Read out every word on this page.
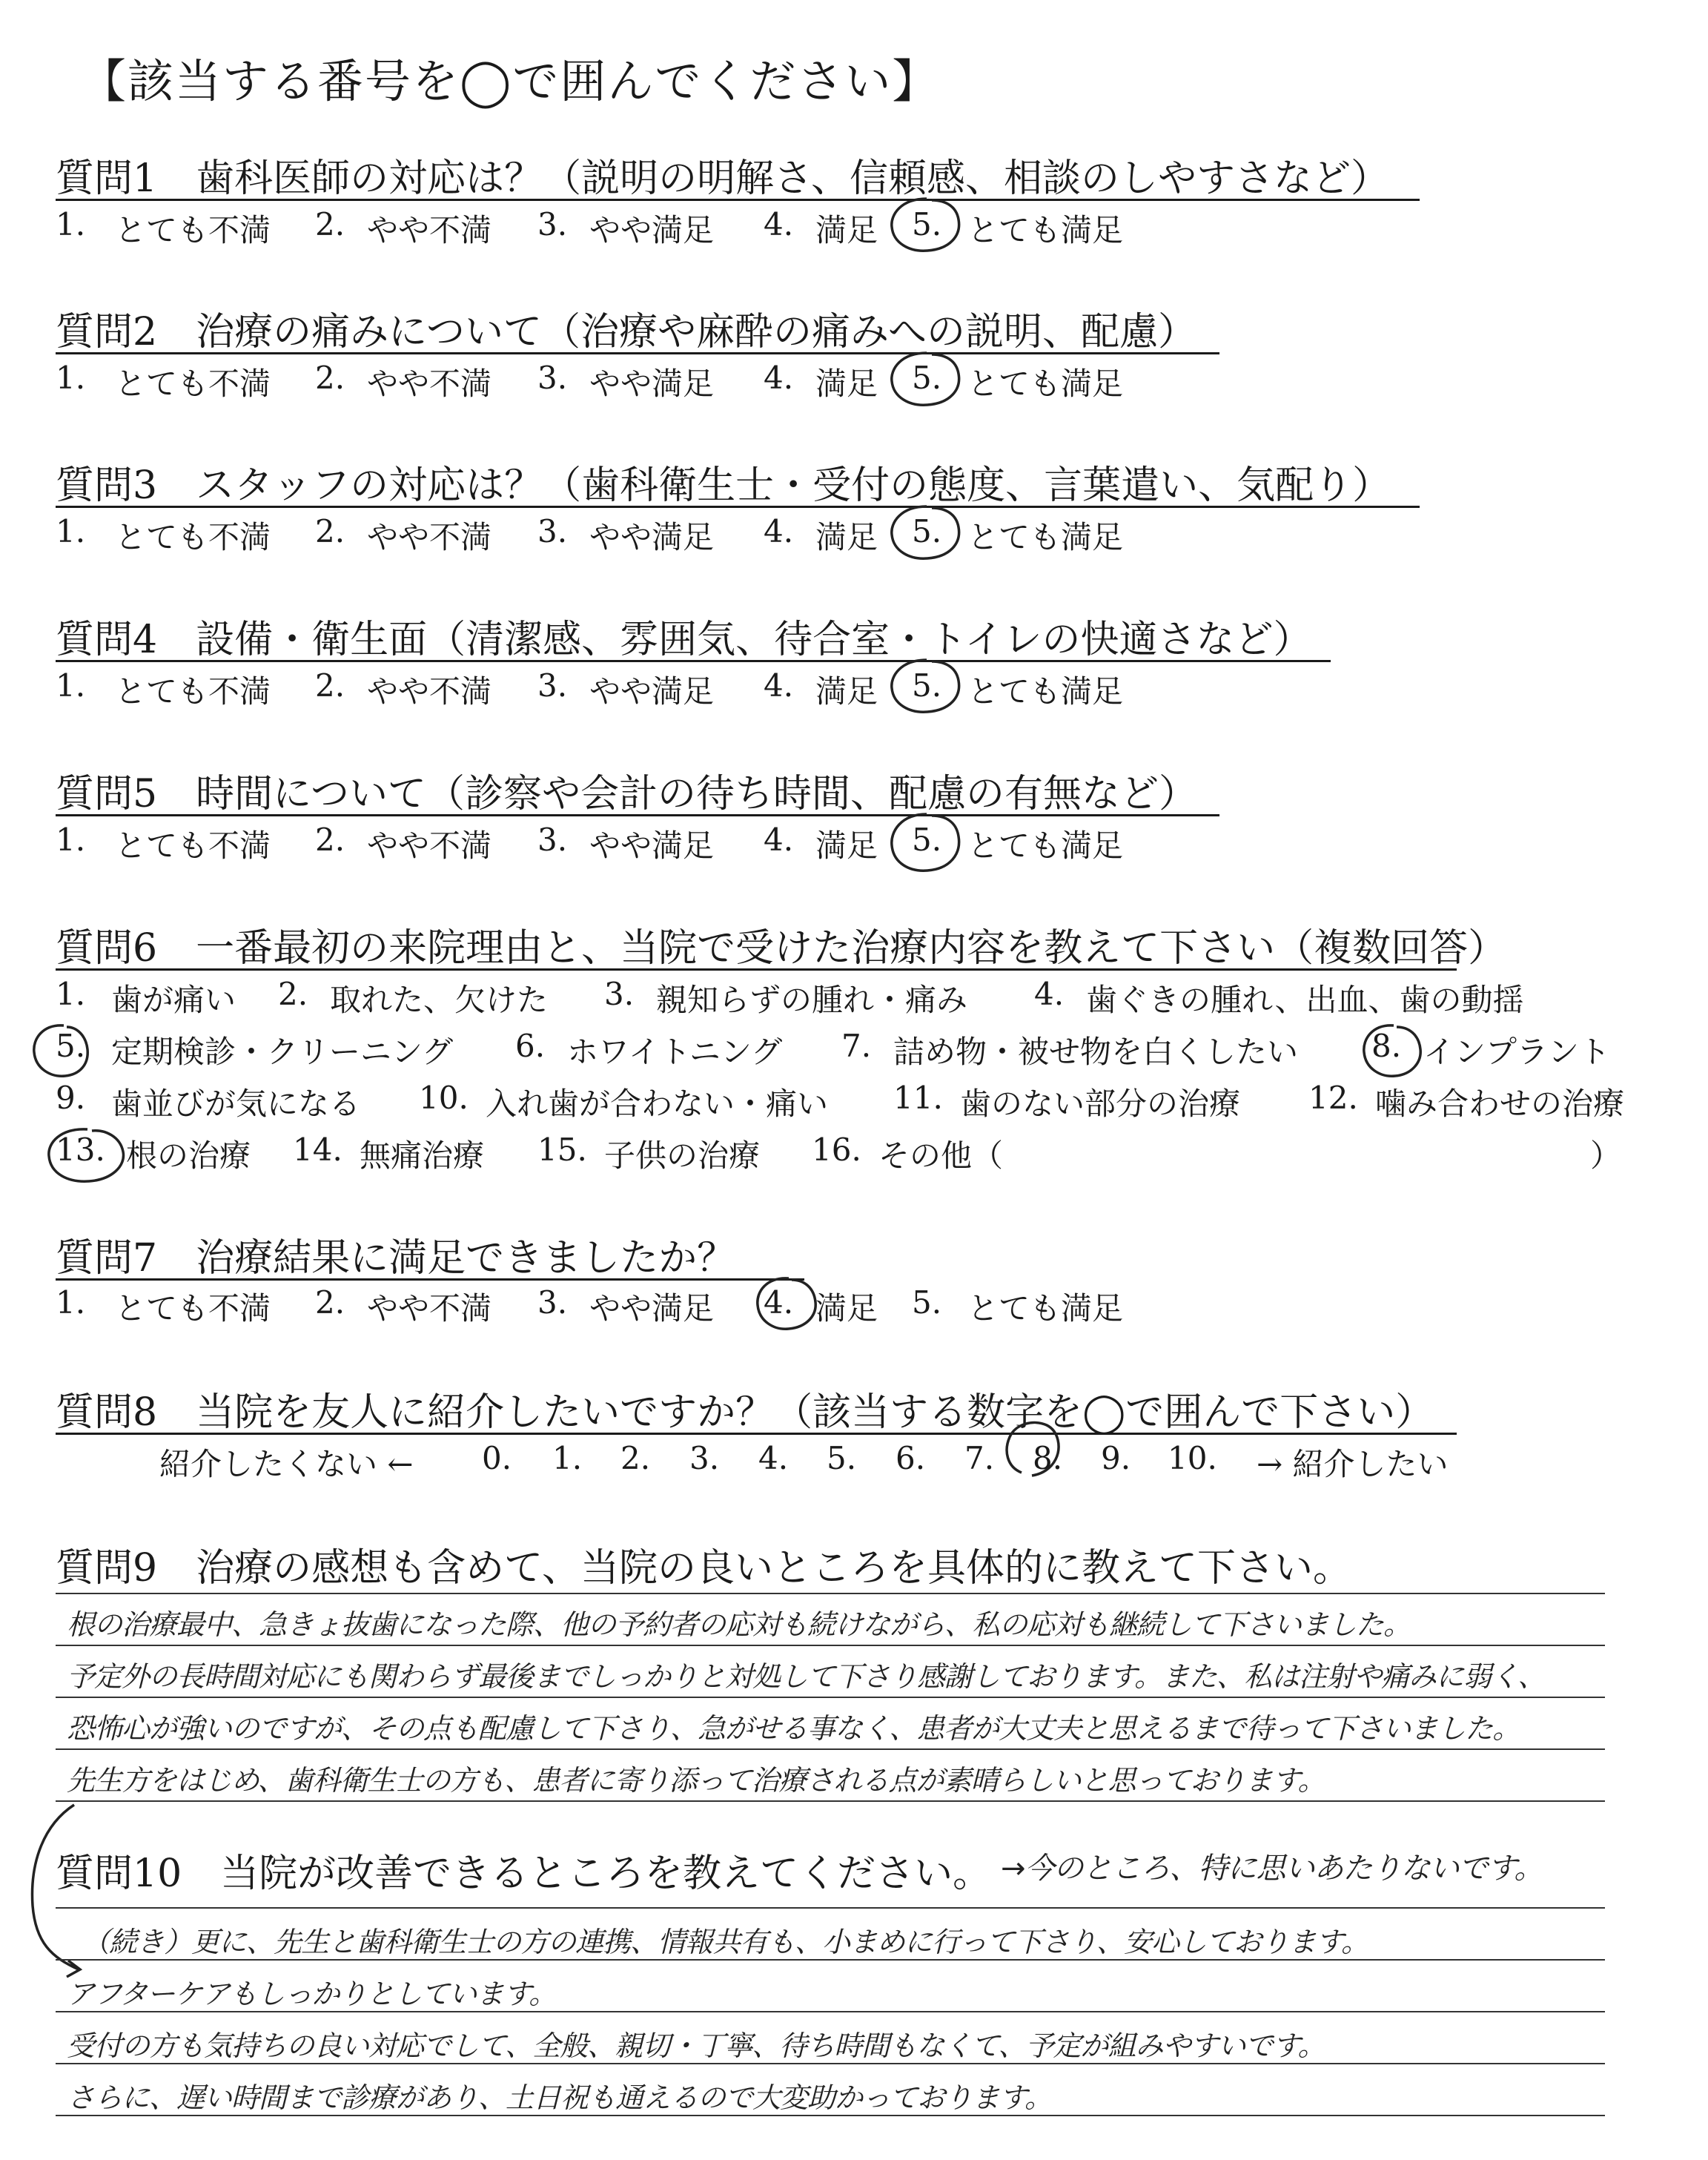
【該当する番号を◯で囲んでください】
質問1　歯科医師の対応は？（説明の明解さ、信頼感、相談のしやすさなど）
1. とても不満 2. やや不満 3. やや満足 4. 満足 5. とても満足
質問2　治療の痛みについて（治療や麻酔の痛みへの説明、配慮）
1. とても不満 2. やや不満 3. やや満足 4. 満足 5. とても満足
質問3　スタッフの対応は？（歯科衛生士・受付の態度、言葉遣い、気配り）
1. とても不満 2. やや不満 3. やや満足 4. 満足 5. とても満足
質問4　設備・衛生面（清潔感、雰囲気、待合室・トイレの快適さなど）
1. とても不満 2. やや不満 3. やや満足 4. 満足 5. とても満足
質問5　時間について（診察や会計の待ち時間、配慮の有無など）
1. とても不満 2. やや不満 3. やや満足 4. 満足 5. とても満足
質問6　一番最初の来院理由と、当院で受けた治療内容を教えて下さい（複数回答）
1. 歯が痛い 2. 取れた、欠けた 3. 親知らずの腫れ・痛み 4. 歯ぐきの腫れ、出血、歯の動揺
5. 定期検診・クリーニング 6. ホワイトニング 7. 詰め物・被せ物を白くしたい 8. インプラント
9. 歯並びが気になる 10. 入れ歯が合わない・痛い 11. 歯のない部分の治療 12. 噛み合わせの治療
13. 根の治療 14. 無痛治療 15. 子供の治療 16. その他（	）
質問7　治療結果に満足できましたか？
1. とても不満 2. やや不満 3. やや満足 4. 満足 5. とても満足
質問8　当院を友人に紹介したいですか？（該当する数字を◯で囲んで下さい）
紹介したくない ← 0. 1. 2. 3. 4. 5. 6. 7. 8. 9. 10. → 紹介したい
質問9　治療の感想も含めて、当院の良いところを具体的に教えて下さい。
根の治療最中、急きょ抜歯になった際、他の予約者の応対も続けながら、私の応対も継続して下さいました。
予定外の長時間対応にも関わらず最後までしっかりと対処して下さり感謝しております。また、私は注射や痛みに弱く、
恐怖心が強いのですが、その点も配慮して下さり、急がせる事なく、患者が大丈夫と思えるまで待って下さいました。
先生方をはじめ、歯科衛生士の方も、患者に寄り添って治療される点が素晴らしいと思っております。
質問10　当院が改善できるところを教えてください。 →今のところ、特に思いあたりないです。
（続き）更に、先生と歯科衛生士の方の連携、情報共有も、小まめに行って下さり、安心しております。
アフターケアもしっかりとしています。
受付の方も気持ちの良い対応でして、全般、親切・丁寧、待ち時間もなくて、予定が組みやすいです。
さらに、遅い時間まで診療があり、土日祝も通えるので大変助かっております。
